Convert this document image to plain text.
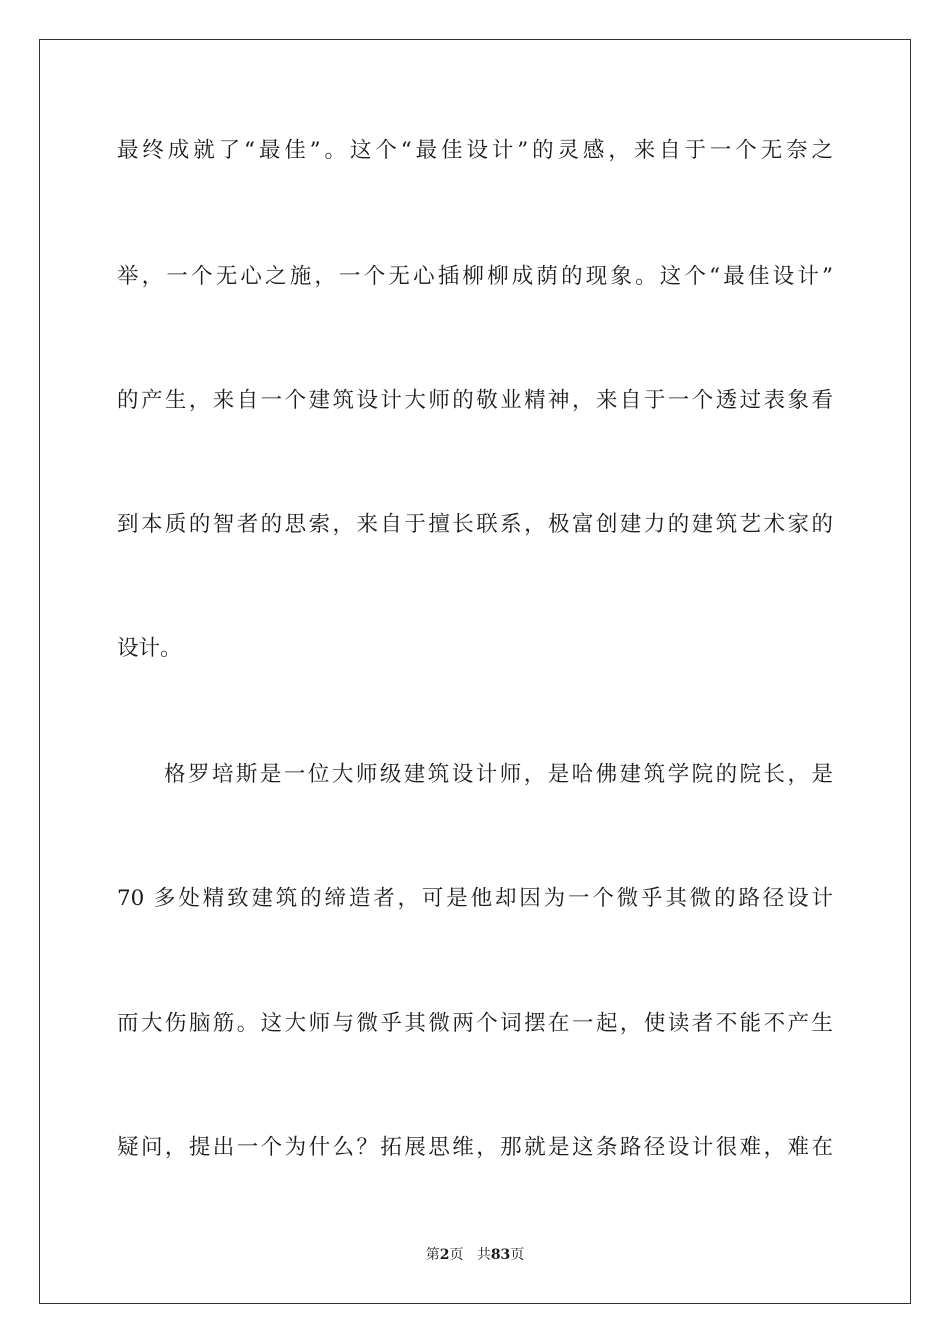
最终成就了“最佳”。这个“最佳设计”的灵感，来自于一个无奈之

举，一个无心之施，一个无心插柳柳成荫的现象。这个“最佳设计”

的产生，来自一个建筑设计大师的敬业精神，来自于一个透过表象看

到本质的智者的思索，来自于擅长联系，极富创建力的建筑艺术家的

设计。

格罗培斯是一位大师级建筑设计师，是哈佛建筑学院的院长，是

70 多处精致建筑的缔造者，可是他却因为一个微乎其微的路径设计

而大伤脑筋。这大师与微乎其微两个词摆在一起，使读者不能不产生

疑问，提出一个为什么？拓展思维，那就是这条路径设计很难，难在

第2页 共83页
